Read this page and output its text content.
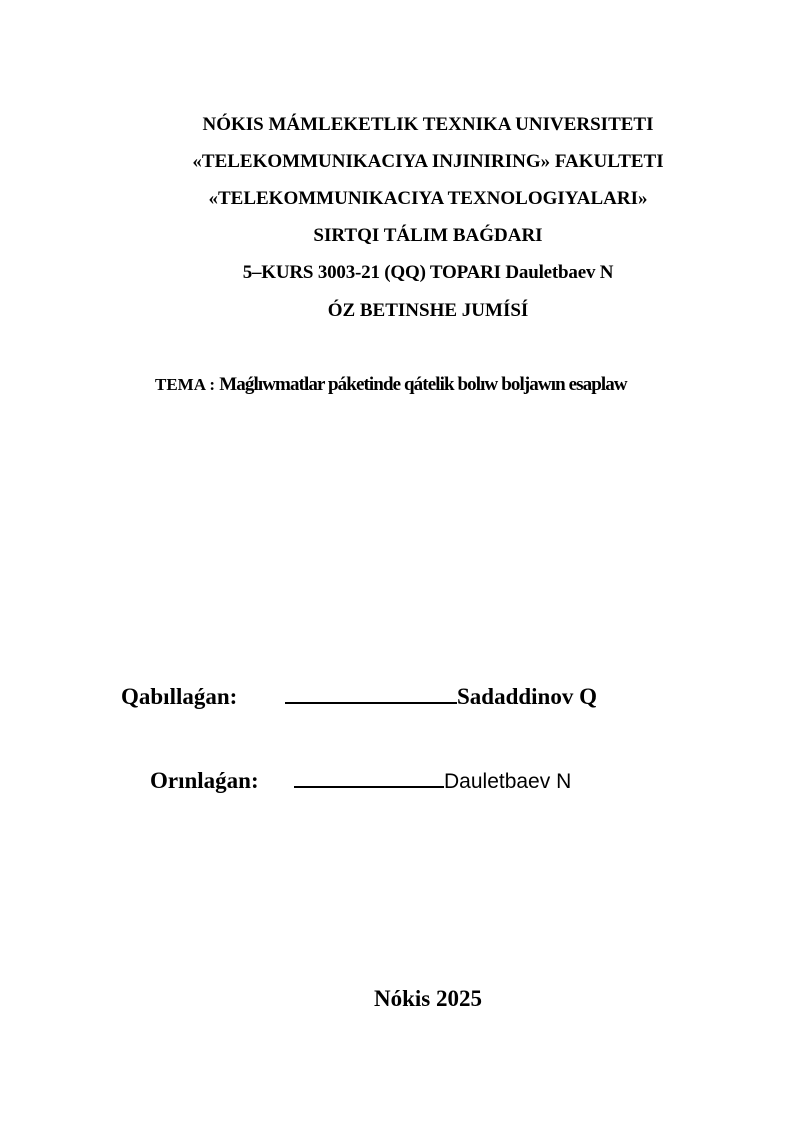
NÓKIS MÁMLEKETLIK TEXNIKA UNIVERSITETI
«TELEKOMMUNIKACIYA INJINIRING» FAKULTETI
«TELEKOMMUNIKACIYA TEXNOLOGIYALARI»
SIRTQI TÁLIM BAǴDARI
5–KURS 3003-21 (QQ) TOPARI Dauletbaev N
ÓZ BETINSHE JUMÍSÍ
TEMA : Maǵlıwmatlar páketinde qátelik bolıw boljawın esaplaw
Qabıllaǵan:	Sadaddinov Q
Orınlaǵan:	Dauletbaev N
Nókis 2025
